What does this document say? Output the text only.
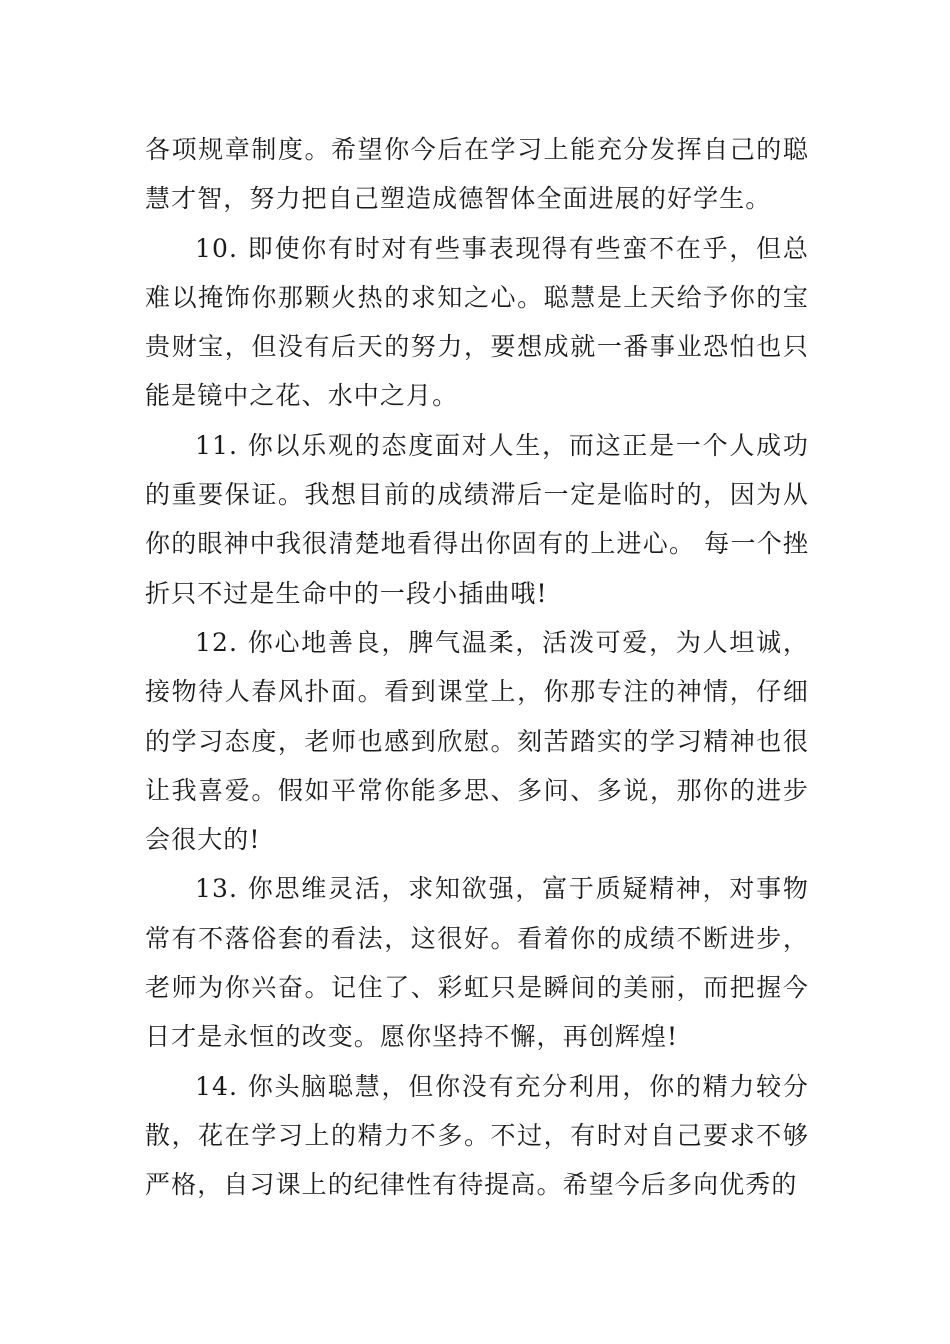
各项规章制度。希望你今后在学习上能充分发挥自己的聪慧才智，努力把自己塑造成德智体全面进展的好学生。

10. 即使你有时对有些事表现得有些蛮不在乎，但总难以掩饰你那颗火热的求知之心。聪慧是上天给予你的宝贵财宝，但没有后天的努力，要想成就一番事业恐怕也只能是镜中之花、水中之月。

11. 你以乐观的态度面对人生，而这正是一个人成功的重要保证。我想目前的成绩滞后一定是临时的，因为从你的眼神中我很清楚地看得出你固有的上进心。 每一个挫折只不过是生命中的一段小插曲哦!

12. 你心地善良，脾气温柔，活泼可爱，为人坦诚，接物待人春风扑面。看到课堂上，你那专注的神情，仔细的学习态度，老师也感到欣慰。刻苦踏实的学习精神也很让我喜爱。假如平常你能多思、多问、多说，那你的进步会很大的!

13. 你思维灵活，求知欲强，富于质疑精神，对事物常有不落俗套的看法，这很好。看着你的成绩不断进步，老师为你兴奋。记住了、彩虹只是瞬间的美丽，而把握今日才是永恒的改变。愿你坚持不懈，再创辉煌!

14. 你头脑聪慧，但你没有充分利用，你的精力较分散，花在学习上的精力不多。不过，有时对自己要求不够严格，自习课上的纪律性有待提高。希望今后多向优秀的
